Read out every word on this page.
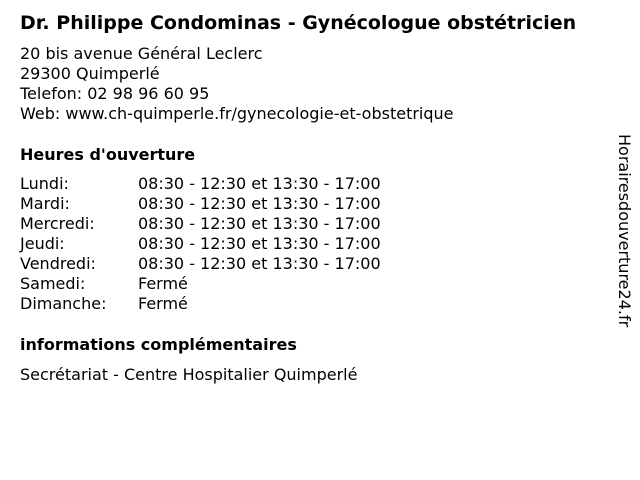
Dr. Philippe Condominas - Gynécologue obstétricien
20 bis avenue Général Leclerc
29300 Quimperlé
Telefon: 02 98 96 60 95
Web: www.ch-quimperle.fr/gynecologie-et-obstetrique
Heures d'ouverture
Lundi:	08:30 - 12:30 et 13:30 - 17:00
Mardi:	08:30 - 12:30 et 13:30 - 17:00
Mercredi:	08:30 - 12:30 et 13:30 - 17:00
Jeudi:	08:30 - 12:30 et 13:30 - 17:00
Vendredi:	08:30 - 12:30 et 13:30 - 17:00
Samedi:	Fermé
Dimanche: Fermé
informations complémentaires
Secrétariat - Centre Hospitalier Quimperlé
Horairesdouverture24.fr
